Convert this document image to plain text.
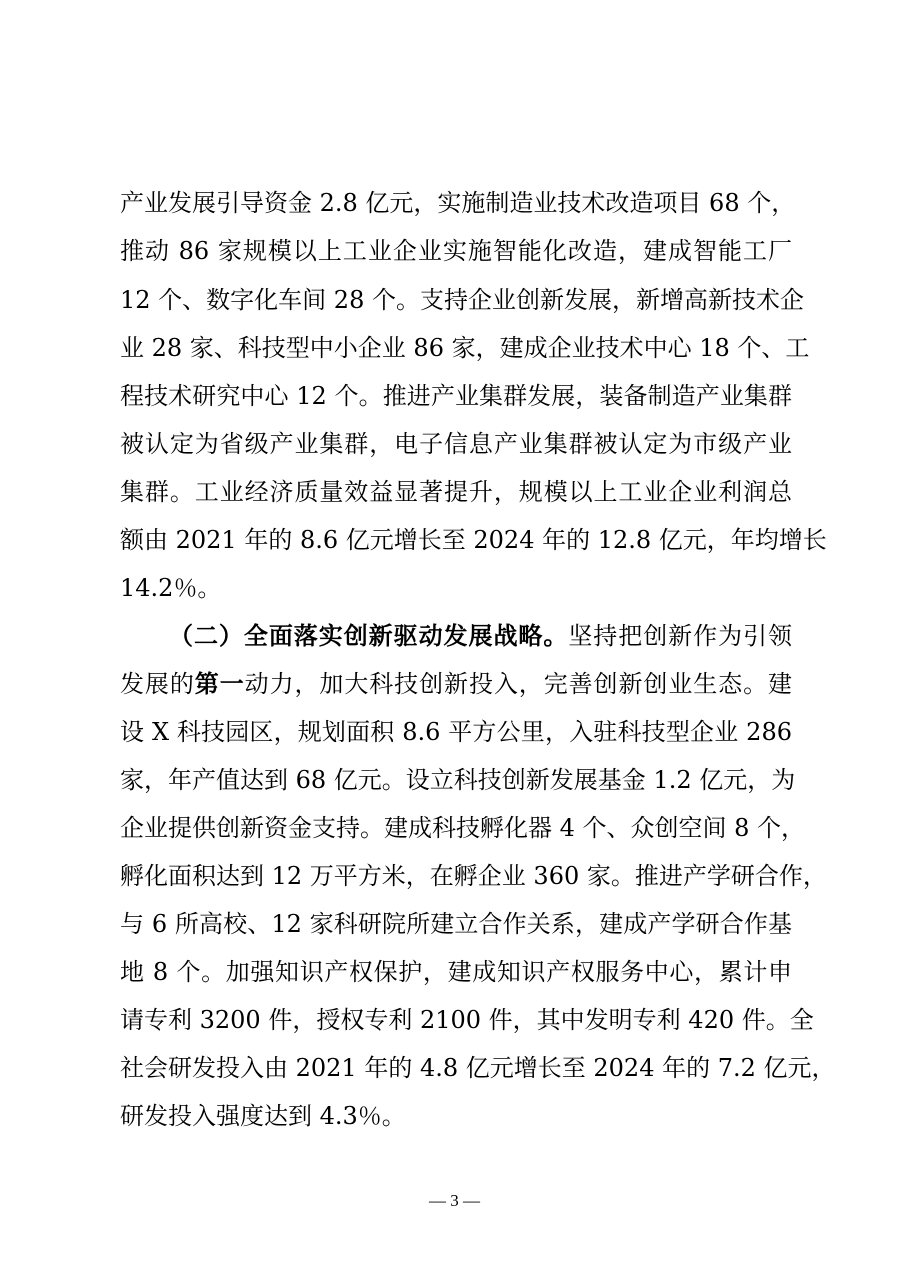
产业发展引导资金 2.8 亿元，实施制造业技术改造项目 68 个，
推动 86 家规模以上工业企业实施智能化改造，建成智能工厂
12 个、数字化车间 28 个。支持企业创新发展，新增高新技术企
业 28 家、科技型中小企业 86 家，建成企业技术中心 18 个、工
程技术研究中心 12 个。推进产业集群发展，装备制造产业集群
被认定为省级产业集群，电子信息产业集群被认定为市级产业
集群。工业经济质量效益显著提升，规模以上工业企业利润总
额由 2021 年的 8.6 亿元增长至 2024 年的 12.8 亿元，年均增长
14.2％。
（二）全面落实创新驱动发展战略。坚持把创新作为引领
发展的第一动力，加大科技创新投入，完善创新创业生态。建
设 X 科技园区，规划面积 8.6 平方公里，入驻科技型企业 286
家，年产值达到 68 亿元。设立科技创新发展基金 1.2 亿元，为
企业提供创新资金支持。建成科技孵化器 4 个、众创空间 8 个，
孵化面积达到 12 万平方米，在孵企业 360 家。推进产学研合作，
与 6 所高校、12 家科研院所建立合作关系，建成产学研合作基
地 8 个。加强知识产权保护，建成知识产权服务中心，累计申
请专利 3200 件，授权专利 2100 件，其中发明专利 420 件。全
社会研发投入由 2021 年的 4.8 亿元增长至 2024 年的 7.2 亿元，
研发投入强度达到 4.3％。
— 3 —
